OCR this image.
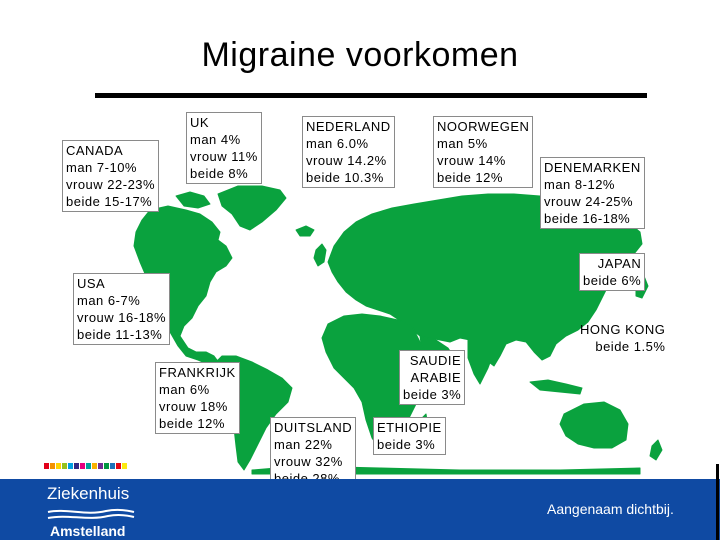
Migraine voorkomen
CANADA
man 7-10%
vrouw 22-23%
beide 15-17%
UK
man 4%
vrouw 11%
beide 8%
NEDERLAND
man 6.0%
vrouw 14.2%
beide 10.3%
NOORWEGEN
man 5%
vrouw 14%
beide 12%
DENEMARKEN
man 8-12%
vrouw 24-25%
beide 16-18%
JAPAN
beide 6%
USA
man 6-7%
vrouw 16-18%
beide 11-13%	HONG KONG
beide 1.5%
FRANKRIJK
man 6%
vrouw 18%
beide 12%
SAUDIE
ARABIE
beide 3%
DUITSLAND
man 22%
vrouw 32%
ETHIOPIE
beide 3%
Ziekenhuis
Amstelland
Aangenaam dichtbij.
